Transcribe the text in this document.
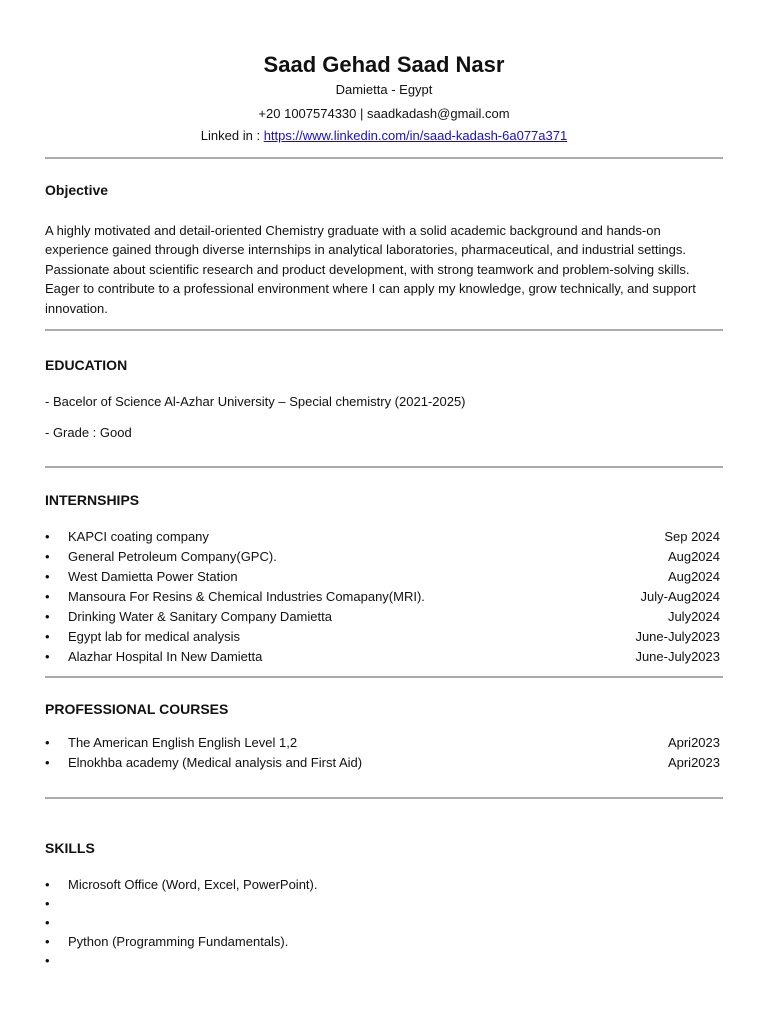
Saad Gehad Saad Nasr
Damietta - Egypt
+20 1007574330 | saadkadash@gmail.com
Linked in : https://www.linkedin.com/in/saad-kadash-6a077a371
Objective
A highly motivated and detail-oriented Chemistry graduate with a solid academic background and hands-on experience gained through diverse internships in analytical laboratories, pharmaceutical, and industrial settings. Passionate about scientific research and product development, with strong teamwork and problem-solving skills. Eager to contribute to a professional environment where I can apply my knowledge, grow technically, and support innovation.
EDUCATION
- Bacelor of Science Al-Azhar University – Special chemistry (2021-2025)
- Grade : Good
INTERNSHIPS
• KAPCI coating company	Sep 2024
• General Petroleum Company(GPC).	Aug2024
• West Damietta Power Station	Aug2024
• Mansoura For Resins & Chemical Industries Comapany(MRI).	July-Aug2024
• Drinking Water & Sanitary Company Damietta	July2024
• Egypt lab for medical analysis	June-July2023
• Alazhar Hospital In New Damietta	June-July2023
PROFESSIONAL COURSES
• The American English English Level 1,2	Apri2023
• Elnokhba academy (Medical analysis and First Aid)	Apri2023
SKILLS
• Microsoft Office (Word, Excel, PowerPoint).
•
•
• Python (Programming Fundamentals).
•
